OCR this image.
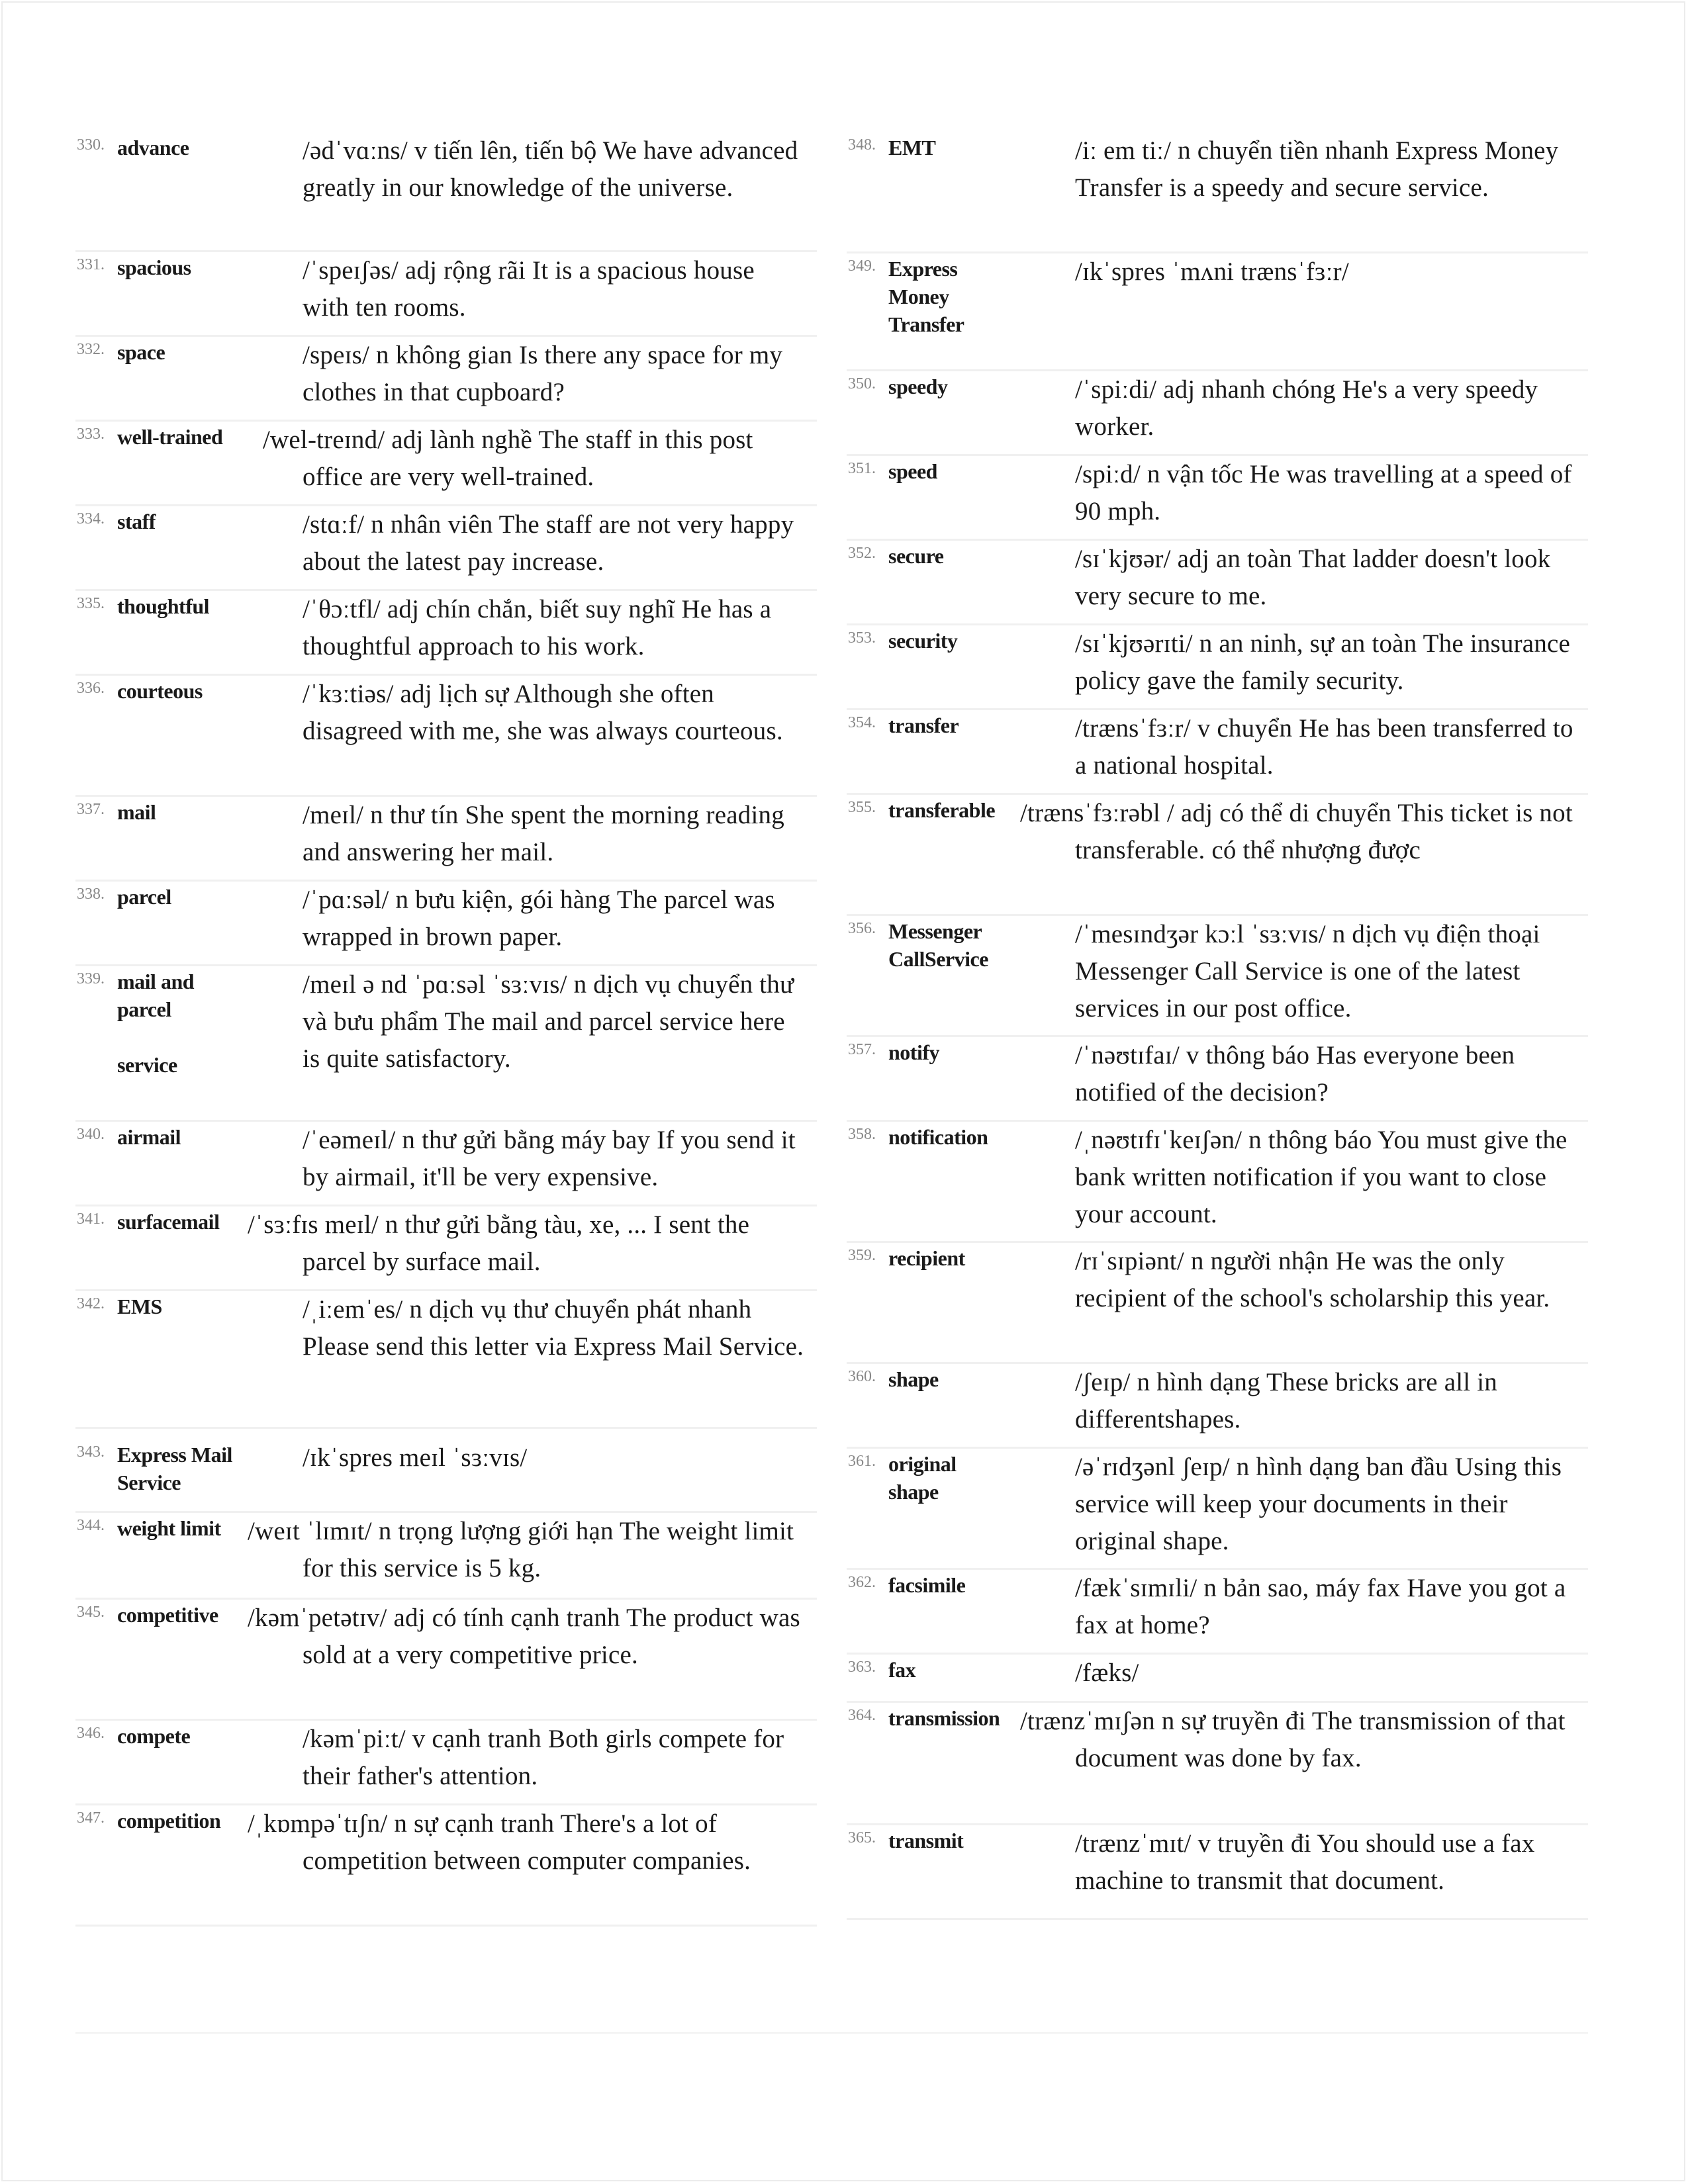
330. advance	/ədˈvɑːns/ v tiến lên, tiến bộ We have advanced greatly in our knowledge of the universe.
331. spacious	/ˈspeɪʃəs/ adj rộng rãi It is a spacious house with ten rooms.
332. space	/speɪs/ n không gian Is there any space for my clothes in that cupboard?
333. well-trained /wel-treɪnd/ adj lành nghề The staff in this post office are very well-trained.
334. staff	/stɑːf/ n nhân viên The staff are not very happy about the latest pay increase.
335. thoughtful	/ˈθɔːtfl/ adj chín chắn, biết suy nghĩ He has a thoughtful approach to his work.
336. courteous	/ˈkɜːtiəs/ adj lịch sự Although she often disagreed with me, she was always courteous.
337. mail	/meɪl/ n thư tín She spent the morning reading and answering her mail.
338. parcel	/ˈpɑːsəl/ n bưu kiện, gói hàng The parcel was wrapped in brown paper.
339. mail and
parcel

service
/meɪl ə nd ˈpɑːsəl ˈsɜːvɪs/ n dịch vụ chuyển thư và bưu phẩm The mail and parcel service here is quite satisfactory.
340. airmail	/ˈeəmeɪl/ n thư gửi bằng máy bay If you send it by airmail, it'll be very expensive.
341. surfacemail /ˈsɜːfɪs meɪl/ n thư gửi bằng tàu, xe, ... I sent the parcel by surface mail.
342. EMS	/ˌiːemˈes/ n dịch vụ thư chuyển phát nhanh Please send this letter via Express Mail Service.
343. Express Mail
Service
/ɪkˈspres meɪl ˈsɜːvɪs/
344. weight limit /weɪt ˈlɪmɪt/ n trọng lượng giới hạn The weight limit for this service is 5 kg.
345. competitive /kəmˈpetətɪv/ adj có tính cạnh tranh The product was sold at a very competitive price.
346. compete	/kəmˈpiːt/ v cạnh tranh Both girls compete for their father's attention.
347. competition /ˌkɒmpəˈtɪʃn/ n sự cạnh tranh There's a lot of competition between computer companies.
348. EMT	/iː em tiː/ n chuyển tiền nhanh Express Money Transfer is a speedy and secure service.
349. Express
Money
Transfer
/ɪkˈspres ˈmʌni trænsˈfɜːr/
350. speedy	/ˈspiːdi/ adj nhanh chóng He's a very speedy worker.
351. speed	/spiːd/ n vận tốc He was travelling at a speed of 90 mph.
352. secure	/sɪˈkjʊər/ adj an toàn That ladder doesn't look very secure to me.
353. security	/sɪˈkjʊərɪti/ n an ninh, sự an toàn The insurance policy gave the family security.
354. transfer	/trænsˈfɜːr/ v chuyển He has been transferred to a national hospital.
355. transferable /trænsˈfɜːrəbl / adj có thể di chuyển This ticket is not transferable. có thể nhượng được
356. Messenger
CallService
/ˈmesɪndʒər kɔːl ˈsɜːvɪs/ n dịch vụ điện thoại Messenger Call Service is one of the latest services in our post office.
357. notify	/ˈnəʊtɪfaɪ/ v thông báo Has everyone been notified of the decision?
358. notification	/ˌnəʊtɪfɪˈkeɪʃən/ n thông báo You must give the bank written notification if you want to close your account.
359. recipient	/rɪˈsɪpiənt/ n người nhận He was the only recipient of the school's scholarship this year.
360. shape	/ʃeɪp/ n hình dạng These bricks are all in differentshapes.
361. original
shape
/əˈrɪdʒənl ʃeɪp/ n hình dạng ban đầu Using this service will keep your documents in their original shape.
362. facsimile	/fækˈsɪmɪli/ n bản sao, máy fax Have you got a fax at home?
363. fax	/fæks/
364. transmission /trænzˈmɪʃən n sự truyền đi The transmission of that document was done by fax.
365. transmit	/trænzˈmɪt/ v truyền đi You should use a fax machine to transmit that document.
